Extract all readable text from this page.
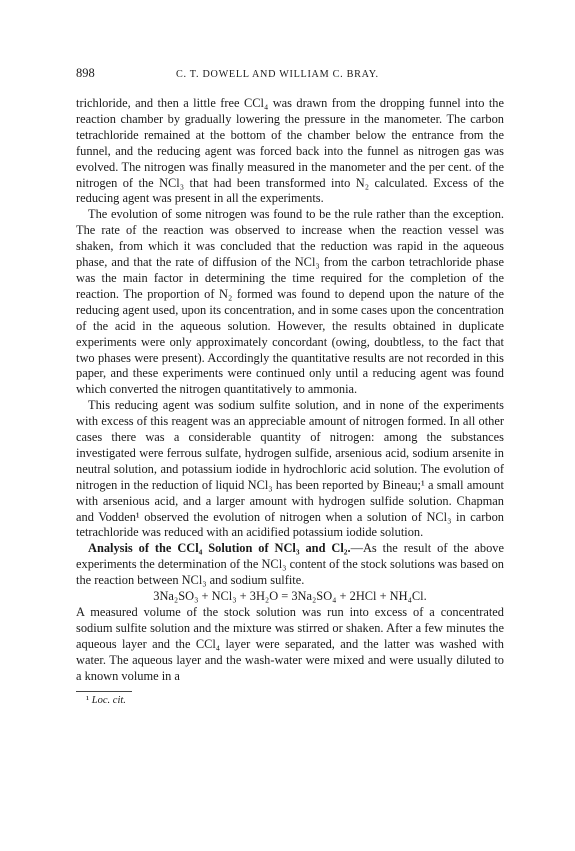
898	C. T. DOWELL AND WILLIAM C. BRAY.

trichloride, and then a little free CCl₄ was drawn from the dropping funnel into the reaction chamber by gradually lowering the pressure in the manometer. The carbon tetrachloride remained at the bottom of the chamber below the entrance from the funnel, and the reducing agent was forced back into the funnel as nitrogen gas was evolved. The nitrogen was finally measured in the manometer and the per cent. of the nitrogen of the NCl₃ that had been transformed into N₂ calculated. Excess of the reducing agent was present in all the experiments.

The evolution of some nitrogen was found to be the rule rather than the exception. The rate of the reaction was observed to increase when the reaction vessel was shaken, from which it was concluded that the reduction was rapid in the aqueous phase, and that the rate of diffusion of the NCl₃ from the carbon tetrachloride phase was the main factor in determining the time required for the completion of the reaction. The proportion of N₂ formed was found to depend upon the nature of the reducing agent used, upon its concentration, and in some cases upon the concentration of the acid in the aqueous solution. However, the results obtained in duplicate experiments were only approximately concordant (owing, doubtless, to the fact that two phases were present). Accordingly the quantitative results are not recorded in this paper, and these experiments were continued only until a reducing agent was found which converted the nitrogen quantitatively to ammonia.

This reducing agent was sodium sulfite solution, and in none of the experiments with excess of this reagent was an appreciable amount of nitrogen formed. In all other cases there was a considerable quantity of nitrogen: among the substances investigated were ferrous sulfate, hydrogen sulfide, arsenious acid, sodium arsenite in neutral solution, and potassium iodide in hydrochloric acid solution. The evolution of nitrogen in the reduction of liquid NCl₃ has been reported by Bineau;¹ a small amount with arsenious acid, and a larger amount with hydrogen sulfide solution. Chapman and Vodden¹ observed the evolution of nitrogen when a solution of NCl₃ in carbon tetrachloride was reduced with an acidified potassium iodide solution.

Analysis of the CCl₄ Solution of NCl₃ and Cl₂.—As the result of the above experiments the determination of the NCl₃ content of the stock solutions was based on the reaction between NCl₃ and sodium sulfite.

3Na₂SO₃ + NCl₃ + 3H₂O = 3Na₂SO₄ + 2HCl + NH₄Cl.

A measured volume of the stock solution was run into excess of a concentrated sodium sulfite solution and the mixture was stirred or shaken. After a few minutes the aqueous layer and the CCl₄ layer were separated, and the latter was washed with water. The aqueous layer and the wash-water were mixed and were usually diluted to a known volume in a

¹ Loc. cit.
